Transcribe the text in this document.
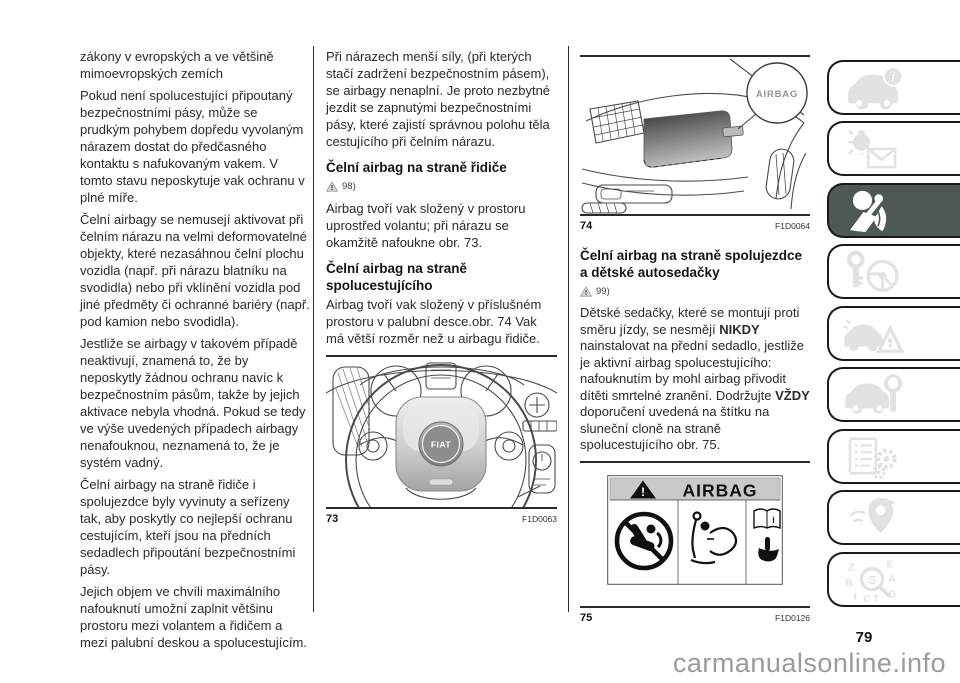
zákony v evropských a ve většině mimoevropských zemích

Pokud není spolucestující připoutaný bezpečnostními pásy, může se prudkým pohybem dopředu vyvolaným nárazem dostat do předčasného kontaktu s nafukovaným vakem. V tomto stavu neposkytuje vak ochranu v plné míře.

Čelní airbagy se nemusejí aktivovat při čelním nárazu na velmi deformovatelné objekty, které nezasáhnou čelní plochu vozidla (např. při nárazu blatníku na svodidla) nebo při vklínění vozidla pod jiné předměty či ochranné bariéry (např. pod kamion nebo svodidla).

Jestliže se airbagy v takovém případě neaktivují, znamená to, že by neposkytly žádnou ochranu navíc k bezpečnostním pásům, takže by jejich aktivace nebyla vhodná. Pokud se tedy ve výše uvedených případech airbagy nenafouknou, neznamená to, že je systém vadný.

Čelní airbagy na straně řidiče i spolujezdce byly vyvinuty a seřízeny tak, aby poskytly co nejlepší ochranu cestujícím, kteří jsou na předních sedadlech připoutání bezpečnostními pásy.

Jejich objem ve chvíli maximálního nafouknutí umožní zaplnit většinu prostoru mezi volantem a řidičem a mezi palubní deskou a spolucestujícím.

Při nárazech menší síly, (při kterých stačí zadržení bezpečnostním pásem), se airbagy nenaplní. Je proto nezbytné jezdit se zapnutými bezpečnostními pásy, které zajistí správnou polohu těla cestujícího při čelním nárazu.

Čelní airbag na straně řidiče
! 98)

Airbag tvoří vak složený v prostoru uprostřed volantu; při nárazu se okamžitě nafoukne obr. 73.

Čelní airbag na straně spolucestujícího

Airbag tvoří vak složený v příslušném prostoru v palubní desce.obr. 74 Vak má větší rozměr než u airbagu řidiče.

FIAT
73	F1D0063
AIRBAG
74	F1D0064
Čelní airbag na straně spolujezdce a dětské autosedačky
! 99)

Dětské sedačky, které se montují proti směru jízdy, se nesmějí NIKDY nainstalovat na přední sedadlo, jestliže je aktivní airbag spolucestujícího: nafouknutím by mohl airbag přivodit dítěti smrtelné zranění. Dodržujte VŽDY doporučení uvedená na štítku na sluneční cloně na straně spolucestujícího obr. 75.

! AIRBAG
i
75	F1D0126
i
Z	E
B	A
I C T D
S
79
carmanualsonline.info
